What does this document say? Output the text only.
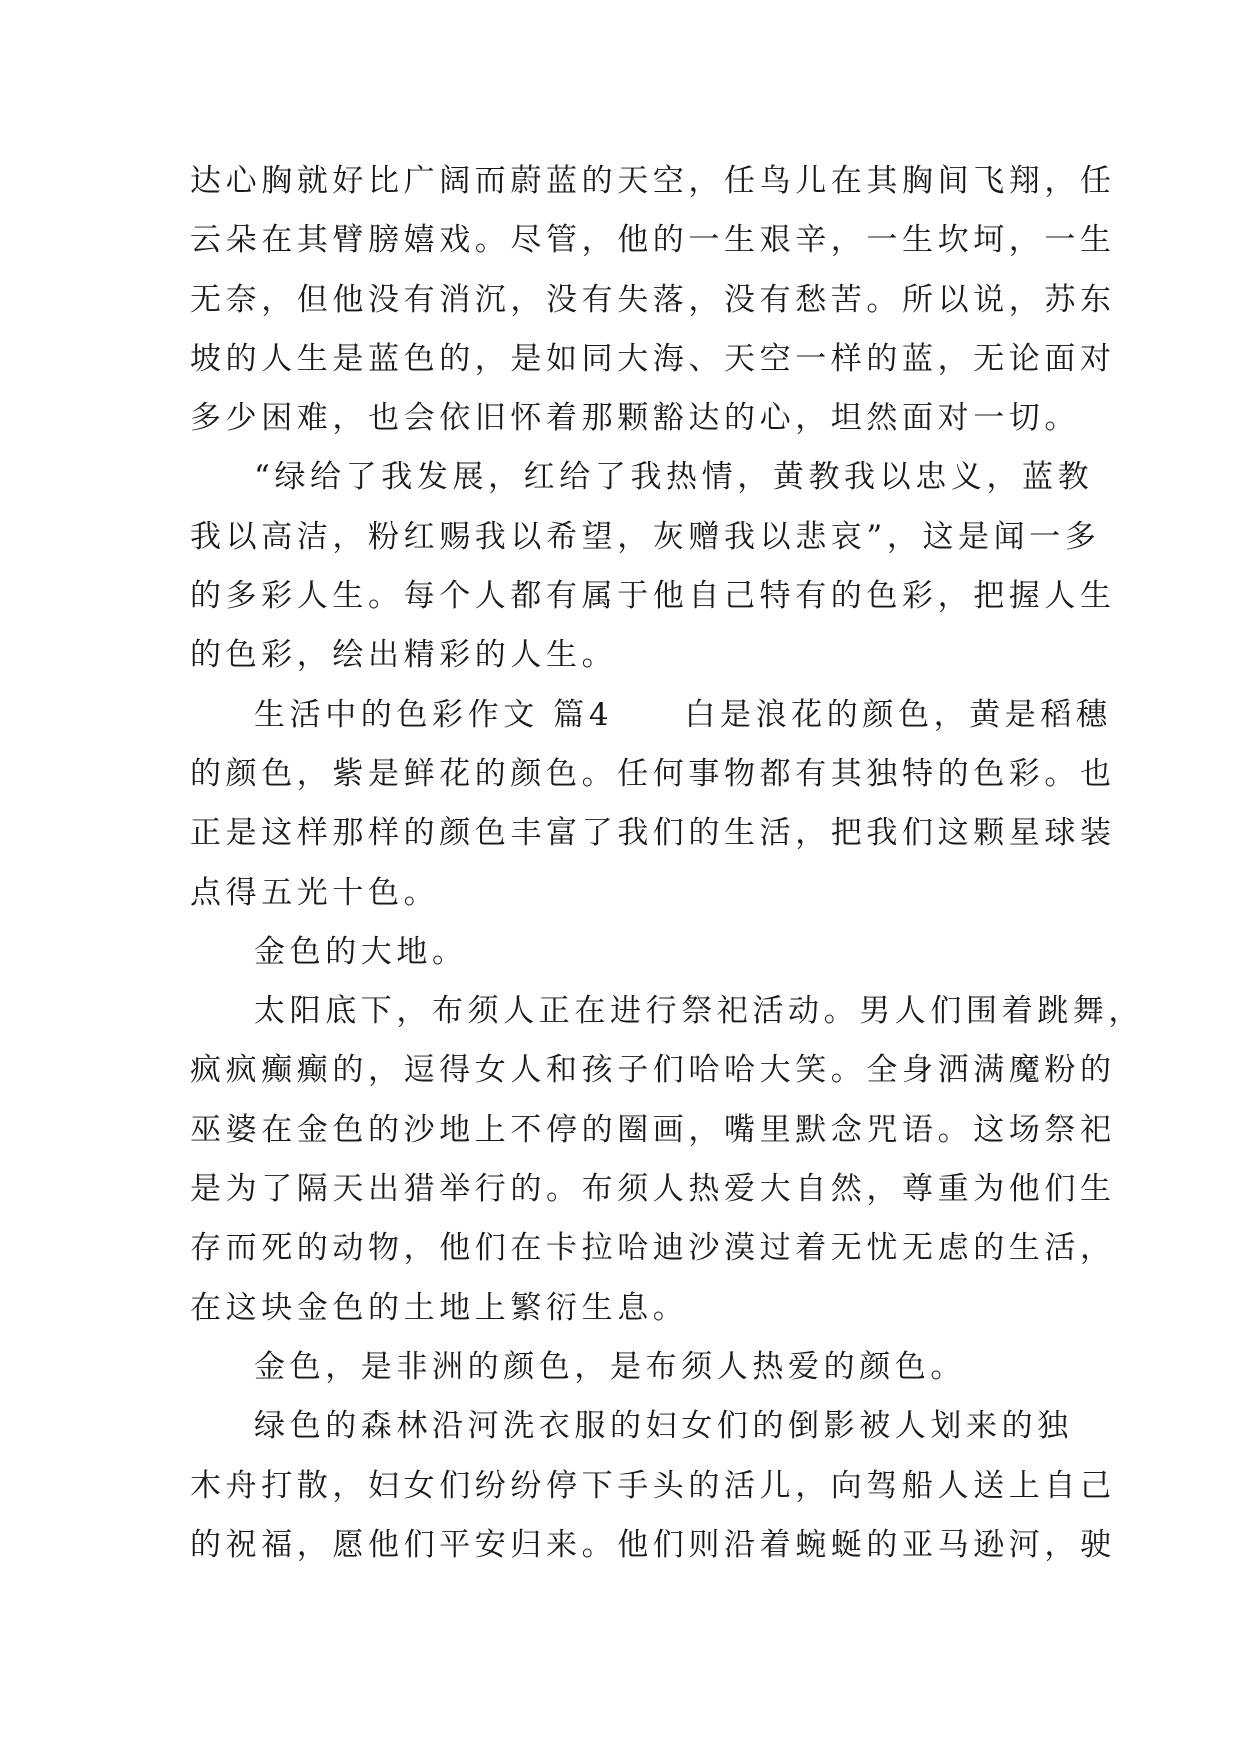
达心胸就好比广阔而蔚蓝的天空，任鸟儿在其胸间飞翔，任
云朵在其臂膀嬉戏。尽管，他的一生艰辛，一生坎坷，一生
无奈，但他没有消沉，没有失落，没有愁苦。所以说，苏东
坡的人生是蓝色的，是如同大海、天空一样的蓝，无论面对
多少困难，也会依旧怀着那颗豁达的心，坦然面对一切。
“绿给了我发展，红给了我热情，黄教我以忠义，蓝教
我以高洁，粉红赐我以希望，灰赠我以悲哀”，这是闻一多
的多彩人生。每个人都有属于他自己特有的色彩，把握人生
的色彩，绘出精彩的人生。
生活中的色彩作文 篇4　　白是浪花的颜色，黄是稻穗
的颜色，紫是鲜花的颜色。任何事物都有其独特的色彩。也
正是这样那样的颜色丰富了我们的生活，把我们这颗星球装
点得五光十色。
金色的大地。
太阳底下，布须人正在进行祭祀活动。男人们围着跳舞，
疯疯癫癫的，逗得女人和孩子们哈哈大笑。全身洒满魔粉的
巫婆在金色的沙地上不停的圈画，嘴里默念咒语。这场祭祀
是为了隔天出猎举行的。布须人热爱大自然，尊重为他们生
存而死的动物，他们在卡拉哈迪沙漠过着无忧无虑的生活，
在这块金色的土地上繁衍生息。
金色，是非洲的颜色，是布须人热爱的颜色。
绿色的森林沿河洗衣服的妇女们的倒影被人划来的独
木舟打散，妇女们纷纷停下手头的活儿，向驾船人送上自己
的祝福，愿他们平安归来。他们则沿着蜿蜒的亚马逊河，驶
